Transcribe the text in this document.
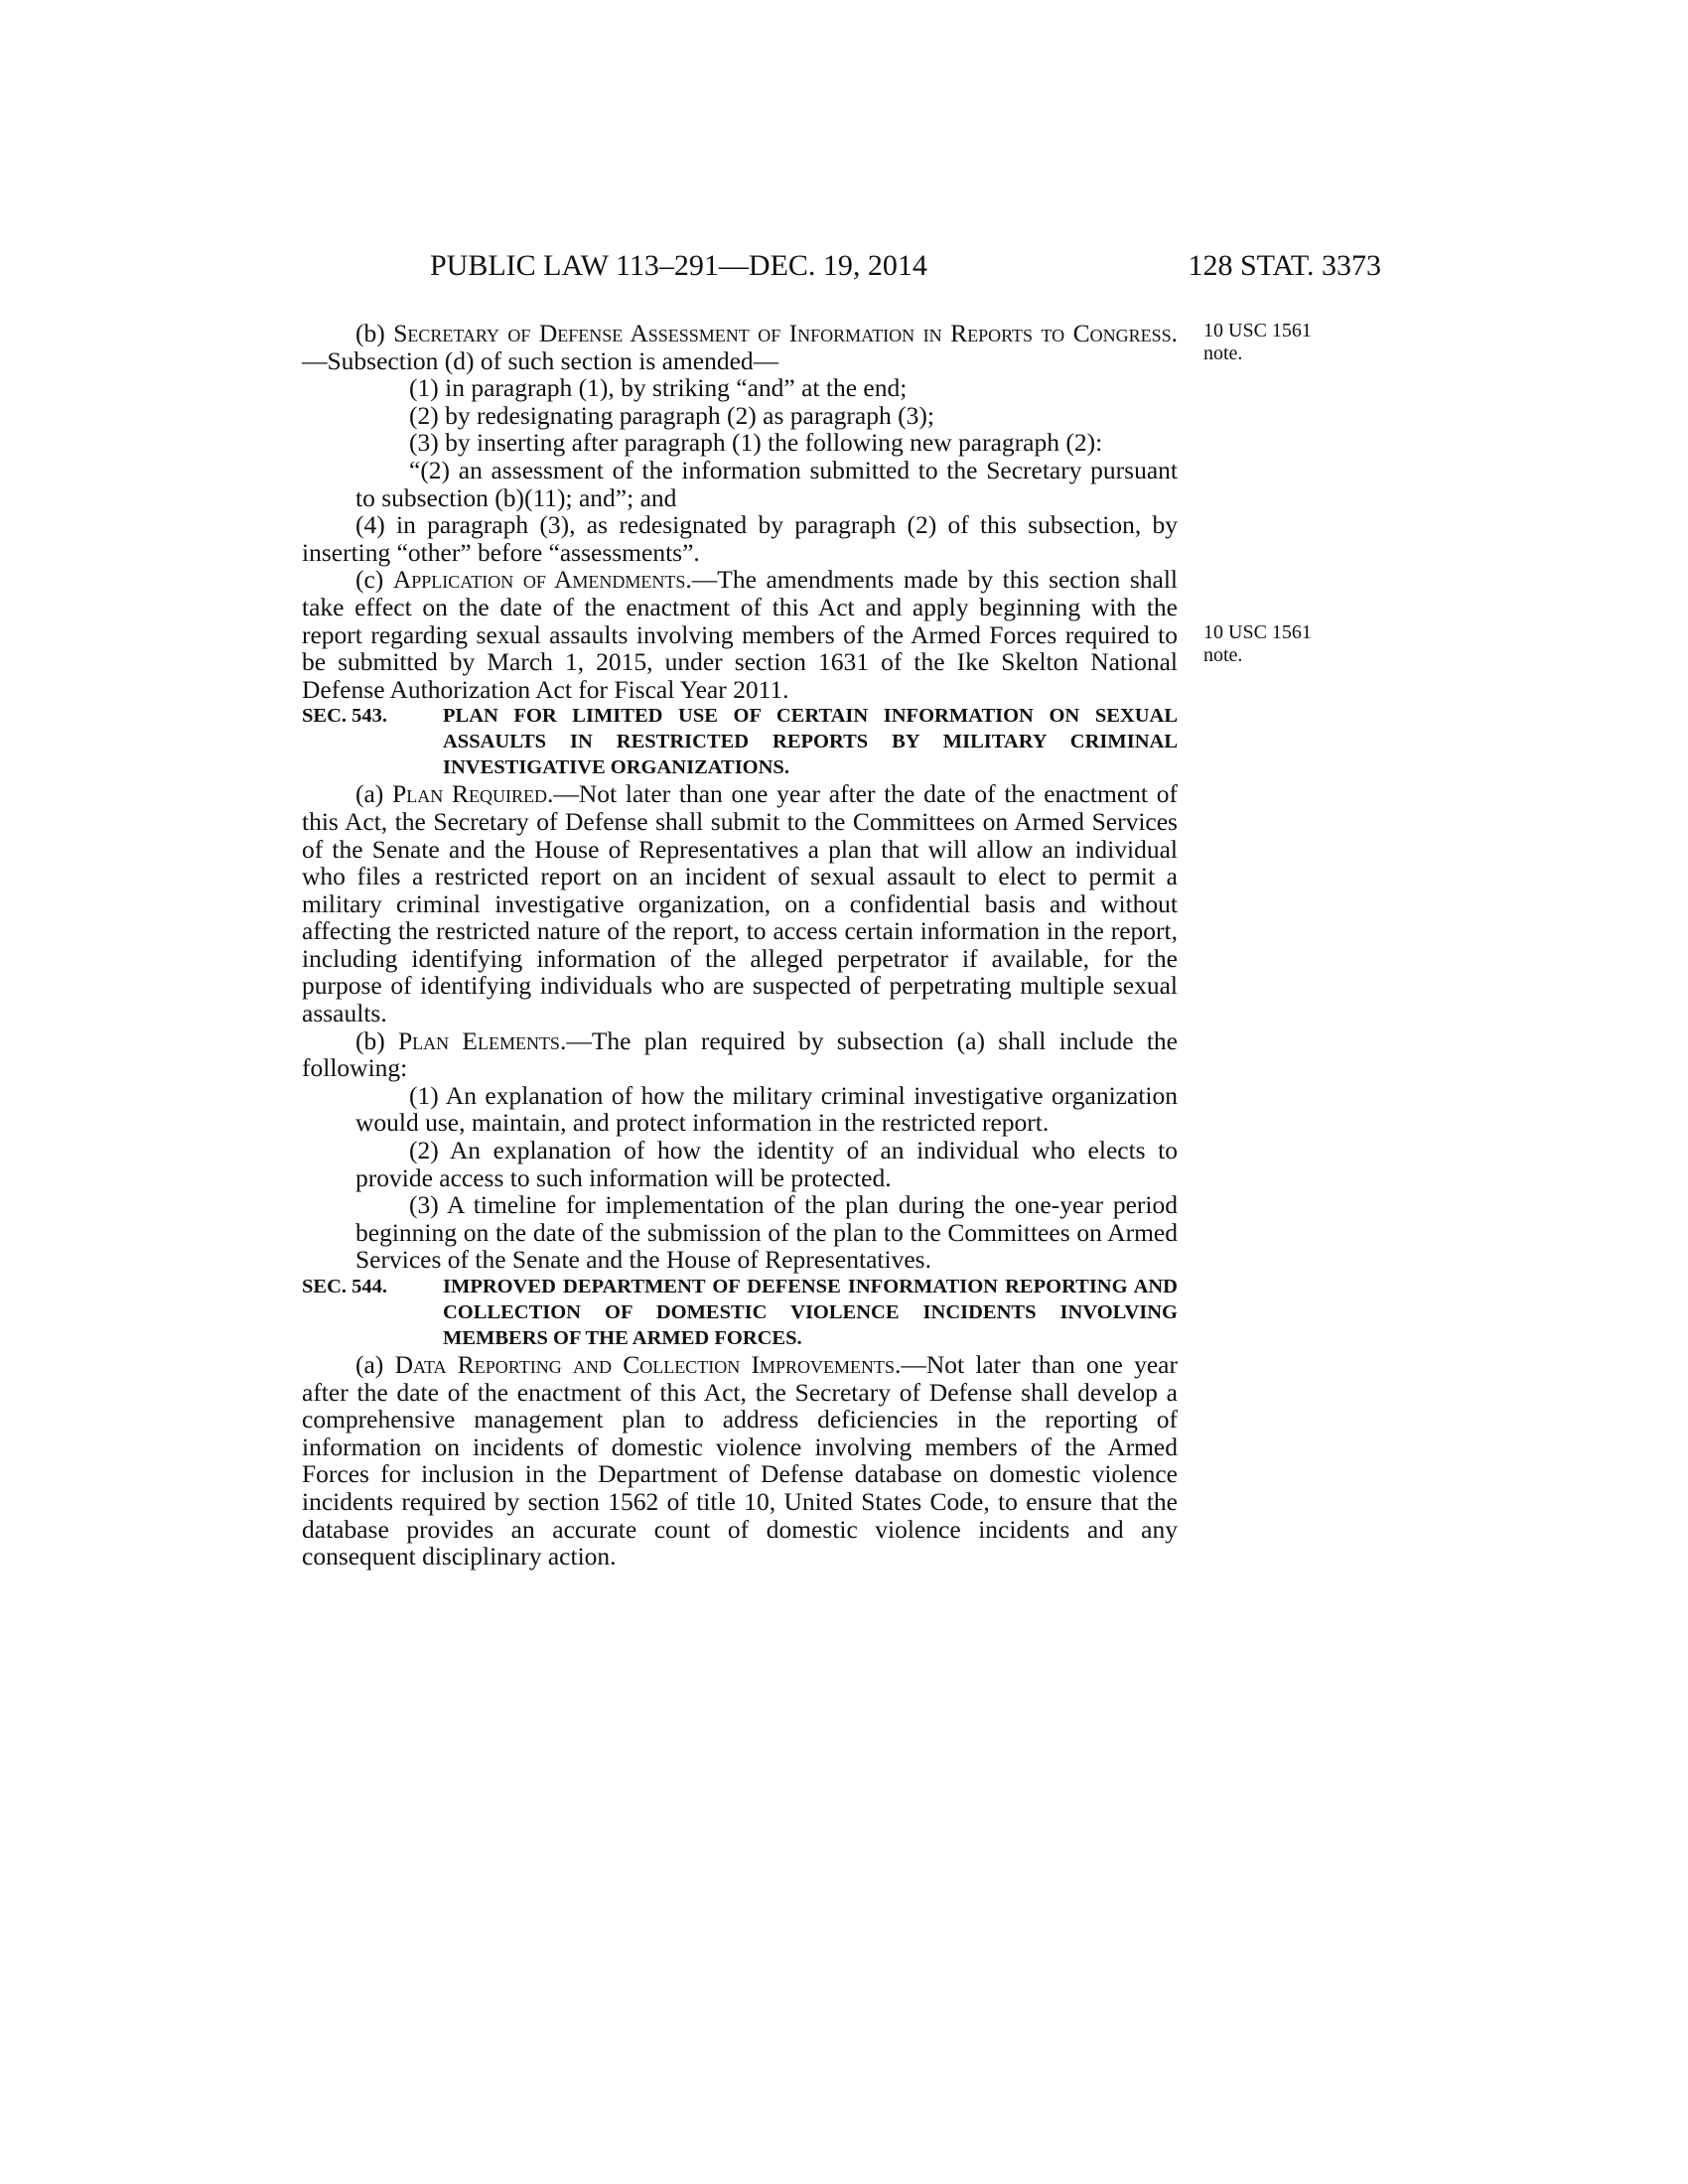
PUBLIC LAW 113–291—DEC. 19, 2014	128 STAT. 3373
10 USC 1561
note.
10 USC 1561
note.

(b) Secretary of Defense Assessment of Information in Reports to Congress.—Subsection (d) of such section is amended—

(1) in paragraph (1), by striking “and” at the end;

(2) by redesignating paragraph (2) as paragraph (3);

(3) by inserting after paragraph (1) the following new paragraph (2):

“(2) an assessment of the information submitted to the Secretary pursuant to subsection (b)(11); and”; and

(4) in paragraph (3), as redesignated by paragraph (2) of this subsection, by inserting “other” before “assessments”.

(c) Application of Amendments.—The amendments made by this section shall take effect on the date of the enactment of this Act and apply beginning with the report regarding sexual assaults involving members of the Armed Forces required to be submitted by March 1, 2015, under section 1631 of the Ike Skelton National Defense Authorization Act for Fiscal Year 2011.

SEC. 543.	PLAN FOR LIMITED USE OF CERTAIN INFORMATION ON SEXUAL ASSAULTS IN RESTRICTED REPORTS BY MILITARY CRIMINAL INVESTIGATIVE ORGANIZATIONS.

(a) Plan Required.—Not later than one year after the date of the enactment of this Act, the Secretary of Defense shall submit to the Committees on Armed Services of the Senate and the House of Representatives a plan that will allow an individual who files a restricted report on an incident of sexual assault to elect to permit a military criminal investigative organization, on a confidential basis and without affecting the restricted nature of the report, to access certain information in the report, including identifying information of the alleged perpetrator if available, for the purpose of identifying individuals who are suspected of perpetrating multiple sexual assaults.

(b) Plan Elements.—The plan required by subsection (a) shall include the following:

(1) An explanation of how the military criminal investigative organization would use, maintain, and protect information in the restricted report.

(2) An explanation of how the identity of an individual who elects to provide access to such information will be protected.

(3) A timeline for implementation of the plan during the one-year period beginning on the date of the submission of the plan to the Committees on Armed Services of the Senate and the House of Representatives.

SEC. 544.	IMPROVED DEPARTMENT OF DEFENSE INFORMATION REPORTING AND COLLECTION OF DOMESTIC VIOLENCE INCIDENTS INVOLVING MEMBERS OF THE ARMED FORCES.

(a) Data Reporting and Collection Improvements.—Not later than one year after the date of the enactment of this Act, the Secretary of Defense shall develop a comprehensive management plan to address deficiencies in the reporting of information on incidents of domestic violence involving members of the Armed Forces for inclusion in the Department of Defense database on domestic violence incidents required by section 1562 of title 10, United States Code, to ensure that the database provides an accurate count of domestic violence incidents and any consequent disciplinary action.
